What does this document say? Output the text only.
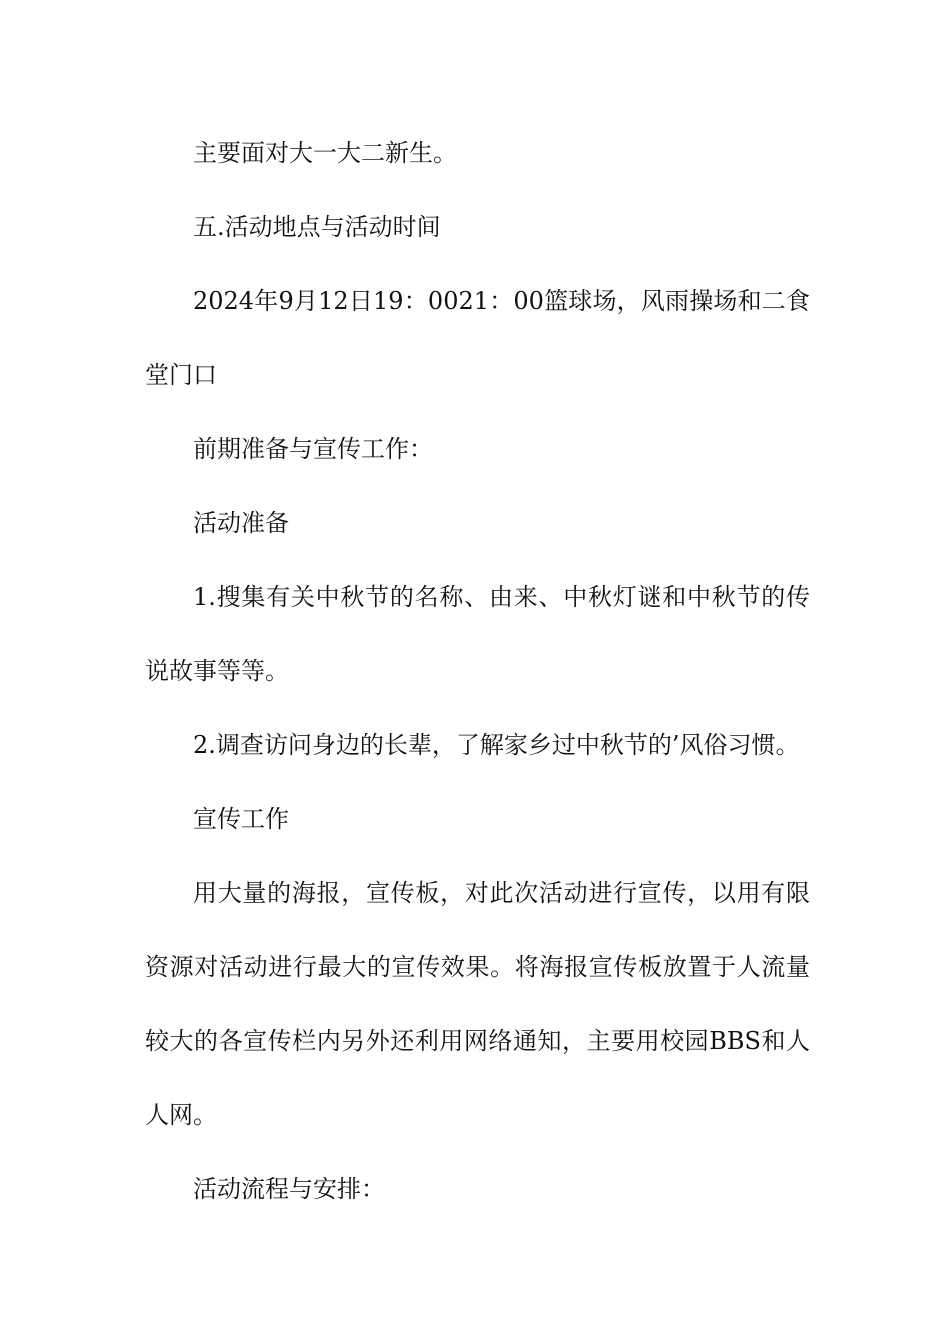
主要面对大一大二新生。

五.活动地点与活动时间

2024年9月12日19：0021：00篮球场，风雨操场和二食堂门口

前期准备与宣传工作：

活动准备

1.搜集有关中秋节的名称、由来、中秋灯谜和中秋节的传说故事等等。

2.调查访问身边的长辈，了解家乡过中秋节的’风俗习惯。

宣传工作

用大量的海报，宣传板，对此次活动进行宣传，以用有限资源对活动进行最大的宣传效果。将海报宣传板放置于人流量较大的各宣传栏内另外还利用网络通知，主要用校园BBS和人人网。

活动流程与安排：
